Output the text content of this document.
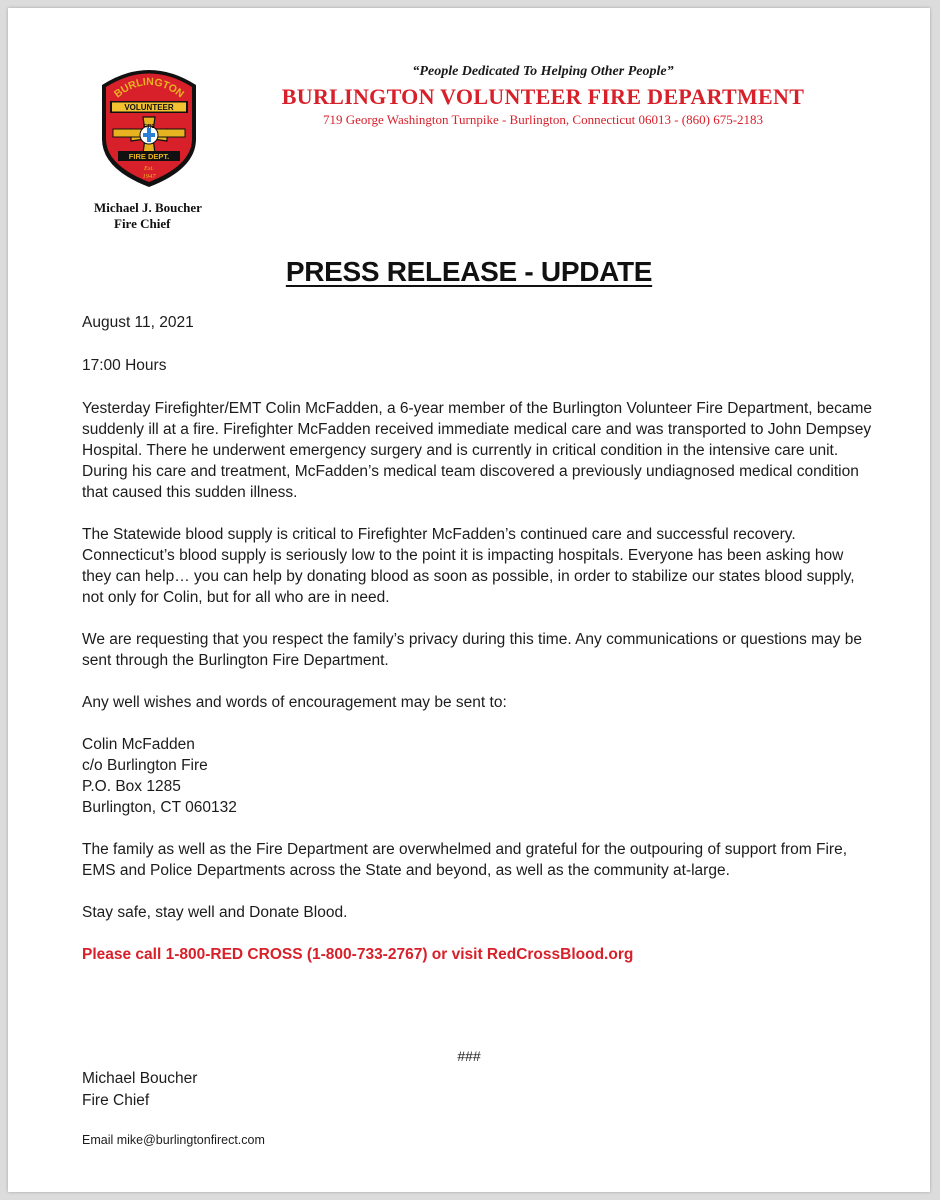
BURLINGTON
VOLUNTEER
FIRE
FIRE DEPT.
Est.
1947

“People Dedicated To Helping Other People”

BURLINGTON VOLUNTEER FIRE DEPARTMENT

719 George Washington Turnpike - Burlington, Connecticut 06013 - (860) 675-2183

Michael J. Boucher
Fire Chief
PRESS RELEASE - UPDATE

August 11, 2021

17:00 Hours

Yesterday Firefighter/EMT Colin McFadden, a 6-year member of the Burlington Volunteer Fire Department, became suddenly ill at a fire. Firefighter McFadden received immediate medical care and was transported to John Dempsey Hospital. There he underwent emergency surgery and is currently in critical condition in the intensive care unit. During his care and treatment, McFadden’s medical team discovered a previously undiagnosed medical condition that caused this sudden illness.

The Statewide blood supply is critical to Firefighter McFadden’s continued care and successful recovery. Connecticut’s blood supply is seriously low to the point it is impacting hospitals. Everyone has been asking how they can help… you can help by donating blood as soon as possible, in order to stabilize our states blood supply, not only for Colin, but for all who are in need.

We are requesting that you respect the family’s privacy during this time. Any communications or questions may be sent through the Burlington Fire Department.

Any well wishes and words of encouragement may be sent to:

Colin McFadden
c/o Burlington Fire
P.O. Box 1285
Burlington, CT 060132

The family as well as the Fire Department are overwhelmed and grateful for the outpouring of support from Fire, EMS and Police Departments across the State and beyond, as well as the community at-large.

Stay safe, stay well and Donate Blood.

Please call 1-800-RED CROSS (1-800-733-2767) or visit RedCrossBlood.org

###

Michael Boucher
Fire Chief

Email mike@burlingtonfirect.com
